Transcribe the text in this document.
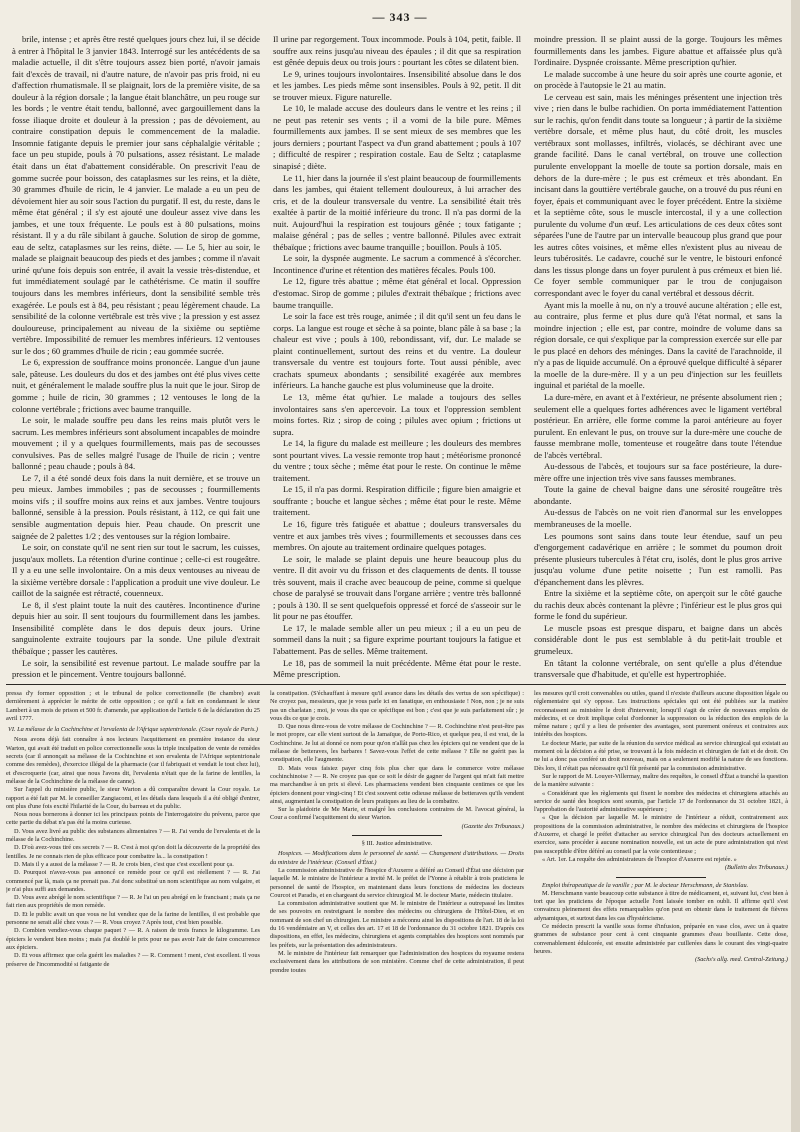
— 343 —

brile, intense ; et après être resté quelques jours chez lui, il se décide à entrer à l'hôpital le 3 janvier 1843. Interrogé sur les antécédents de sa maladie actuelle, il dit s'être toujours assez bien porté, n'avoir jamais fait d'excès de travail, ni d'autre nature, de n'avoir pas pris froid, ni eu d'affection rhumatismale. Il se plaignait, lors de la première visite, de sa douleur à la région dorsale ; la langue était blanchâtre, un peu rouge sur les bords ; le ventre était tendu, ballonné, avec gargouillement dans la fosse iliaque droite et douleur à la pression ; pas de dévoiement, au contraire constipation depuis le commencement de la maladie. Insomnie fatigante depuis le premier jour sans céphalalgie véritable ; face un peu stupide, pouls à 70 pulsations, assez résistant. Le malade était dans un état d'abattement considérable. On prescrivit l'eau de gomme sucrée pour boisson, des cataplasmes sur les reins, et la diète, 30 grammes d'huile de ricin, le 4 janvier. Le malade a eu un peu de dévoiement hier au soir sous l'action du purgatif. Il est, du reste, dans le même état général ; il s'y est ajouté une douleur assez vive dans les jambes, et une toux fréquente. Le pouls est à 80 pulsations, moins résistant. Il y a du râle sibilant à gauche. Solution de sirop de gomme, eau de seltz, cataplasmes sur les reins, diète. — Le 5, hier au soir, le malade se plaignait beaucoup des pieds et des jambes ; comme il n'avait uriné qu'une fois depuis son entrée, il avait la vessie très-distendue, et fut immédiatement soulagé par le cathétérisme. Ce matin il souffre toujours dans les membres inférieurs, dont la sensibilité semble très exagérée. Le pouls est à 84, peu résistant ; peau légèrement chaude. La sensibilité de la colonne vertébrale est très vive ; la pression y est assez douloureuse, principalement au niveau de la sixième ou septième vertèbre. Impossibilité de remuer les membres inférieurs. 12 ventouses sur le dos ; 60 grammes d'huile de ricin ; eau gommée sucrée.

Le 6, expression de souffrance moins prononcée. Langue d'un jaune sale, pâteuse. Les douleurs du dos et des jambes ont été plus vives cette nuit, et généralement le malade souffre plus la nuit que le jour. Sirop de gomme ; huile de ricin, 30 grammes ; 12 ventouses le long de la colonne vertébrale ; frictions avec baume tranquille.

Le soir, le malade souffre peu dans les reins mais plutôt vers le sacrum. Les membres inférieurs sont absolument incapables de moindre mouvement ; il y a quelques fourmillements, mais pas de secousses convulsives. Pas de selles malgré l'usage de l'huile de ricin ; ventre ballonné ; peau chaude ; pouls à 84.

Le 7, il a été sondé deux fois dans la nuit dernière, et se trouve un peu mieux. Jambes immobiles ; pas de secousses ; fourmillements moins vifs ; il souffre moins aux reins et aux jambes. Ventre toujours ballonné, sensible à la pression. Pouls résistant, à 112, ce qui fait une sensible augmentation depuis hier. Peau chaude. On prescrit une saignée de 2 palettes 1/2 ; des ventouses sur la région lombaire.

Le soir, on constate qu'il ne sent rien sur tout le sacrum, les cuisses, jusqu'aux mollets. La rétention d'urine continue ; celle-ci est rougeâtre. Il y a eu une selle involontaire. On a mis deux ventouses au niveau de la sixième vertèbre dorsale : l'application a produit une vive douleur. Le caillot de la saignée est rétracté, couenneux.

Le 8, il s'est plaint toute la nuit des cautères. Incontinence d'urine depuis hier au soir. Il sent toujours du fourmillement dans les jambes. Insensibilité complète dans le dos depuis deux jours. Urine sanguinolente extraite toujours par la sonde. Une pilule d'extrait thébaïque ; passer les cautères.

Le soir, la sensibilité est revenue partout. Le malade souffre par la pression et le pincement. Ventre toujours ballonné.

Il urine par regorgement. Toux incommode. Pouls à 104, petit, faible. Il souffre aux reins jusqu'au niveau des épaules ; il dit que sa respiration est gênée depuis deux ou trois jours : pourtant les côtes se dilatent bien.

Le 9, urines toujours involontaires. Insensibilité absolue dans le dos et les jambes. Les pieds même sont insensibles. Pouls à 92, petit. Il dit se trouver mieux. Figure naturelle.

Le 10, le malade accuse des douleurs dans le ventre et les reins ; il ne peut pas retenir ses vents ; il a vomi de la bile pure. Mêmes fourmillements aux jambes. Il se sent mieux de ses membres que les jours derniers ; pourtant l'aspect va d'un grand abattement ; pouls à 107 ; difficulté de respirer ; respiration costale. Eau de Seltz ; cataplasme sinapisé ; diète.

Le 11, hier dans la journée il s'est plaint beaucoup de fourmillements dans les jambes, qui étaient tellement douloureux, à lui arracher des cris, et de la douleur transversale du ventre. La sensibilité était très exaltée à partir de la moitié inférieure du tronc. Il n'a pas dormi de la nuit. Aujourd'hui la respiration est toujours gênée ; toux fatigante ; malaise général ; pas de selles ; ventre ballonné. Pilules avec extrait thébaïque ; frictions avec baume tranquille ; bouillon. Pouls à 105.

Le soir, la dyspnée augmente. Le sacrum a commencé à s'écorcher. Incontinence d'urine et rétention des matières fécales. Pouls 100.

Le 12, figure très abattue ; même état général et local. Oppression d'estomac. Sirop de gomme ; pilules d'extrait thébaïque ; frictions avec baume tranquille.

Le soir la face est très rouge, animée ; il dit qu'il sent un feu dans le corps. La langue est rouge et sèche à sa pointe, blanc pâle à sa base ; la chaleur est vive ; pouls à 100, rebondissant, vif, dur. Le malade se plaint continuellement, surtout des reins et du ventre. La douleur transversale du ventre est toujours forte. Tout aussi pénible, avec crachats spumeux abondants ; sensibilité exagérée aux membres inférieurs. La hanche gauche est plus volumineuse que la droite.

Le 13, même état qu'hier. Le malade a toujours des selles involontaires sans s'en apercevoir. La toux et l'oppression semblent moins fortes. Riz ; sirop de coing ; pilules avec opium ; frictions ut supra.

Le 14, la figure du malade est meilleure ; les douleurs des membres sont pourtant vives. La vessie remonte trop haut ; météorisme prononcé du ventre ; toux sèche ; même état pour le reste. On continue le même traitement.

Le 15, il n'a pas dormi. Respiration difficile ; figure bien amaigrie et souffrante ; bouche et langue sèches ; même état pour le reste. Même traitement.

Le 16, figure très fatiguée et abattue ; douleurs transversales du ventre et aux jambes très vives ; fourmillements et secousses dans ces membres. On ajoute au traitement ordinaire quelques potages.

Le soir, le malade se plaint depuis une heure beaucoup plus du ventre. Il dit avoir vu du frisson et des claquements de dents. Il tousse très souvent, mais il crache avec beaucoup de peine, comme si quelque chose de paralysé se trouvait dans l'organe arrière ; ventre très ballonné ; pouls à 130. Il se sent quelquefois oppressé et forcé de s'asseoir sur le lit pour ne pas étouffer.

Le 17, le malade semble aller un peu mieux ; il a eu un peu de sommeil dans la nuit ; sa figure exprime pourtant toujours la fatigue et l'abattement. Pas de selles. Même traitement.

Le 18, pas de sommeil la nuit précédente. Même état pour le reste. Même prescription.

moindre pression. Il se plaint aussi de la gorge. Toujours les mêmes fourmillements dans les jambes. Figure abattue et affaissée plus qu'à l'ordinaire. Dyspnée croissante. Même prescription qu'hier.

Le malade succombe à une heure du soir après une courte agonie, et on procède à l'autopsie le 21 au matin.

Le cerveau est sain, mais les méninges présentent une injection très vive ; rien dans le bulbe rachidien. On porta immédiatement l'attention sur le rachis, qu'on fendit dans toute sa longueur ; à partir de la sixième vertèbre dorsale, et même plus haut, du côté droit, les muscles vertébraux sont mollasses, infiltrés, violacés, se déchirant avec une grande facilité. Dans le canal vertébral, on trouve une collection purulente enveloppant la moelle de toute sa portion dorsale, mais en dehors de la dure-mère ; le pus est crémeux et très abondant. En incisant dans la gouttière vertébrale gauche, on a trouvé du pus réuni en foyer, épais et communiquant avec le foyer précédent. Entre la sixième et la septième côte, sous le muscle intercostal, il y a une collection purulente du volume d'un œuf. Les articulations de ces deux côtes sont séparées l'une de l'autre par un intervalle beaucoup plus grand que pour les autres côtes voisines, et même elles n'existent plus au niveau de leurs tubérosités. Le cadavre, couché sur le ventre, le bistouri enfoncé dans les tissus plonge dans un foyer purulent à pus crémeux et bien lié. Ce foyer semble communiquer par le trou de conjugaison correspondant avec le foyer du canal vertébral et dessous décrit.

Ayant mis la moelle à nu, on n'y a trouvé aucune altération ; elle est, au contraire, plus ferme et plus dure qu'à l'état normal, et sans la moindre injection ; elle est, par contre, moindre de volume dans sa région dorsale, ce qui s'explique par la compression exercée sur elle par le pus placé en dehors des méninges. Dans la cavité de l'arachnoïde, il n'y a pas de liquide accumulé. On a éprouvé quelque difficulté à séparer la moelle de la dure-mère. Il y a un peu d'injection sur les feuillets inguinal et pariétal de la moelle.

La dure-mère, en avant et à l'extérieur, ne présente absolument rien ; seulement elle a quelques fortes adhérences avec le ligament vertébral postérieur. En arrière, elle forme comme la paroi antérieure au foyer purulent. En enlevant le pus, on trouve sur la dure-mère une couche de fausse membrane molle, tomenteuse et rougeâtre dans toute l'étendue de l'abcès vertébral.

Au-dessous de l'abcès, et toujours sur sa face postérieure, la dure-mère offre une injection très vive sans fausses membranes.

Toute la gaine de cheval baigne dans une sérosité rougeâtre très abondante.

Au-dessus de l'abcès on ne voit rien d'anormal sur les enveloppes membraneuses de la moelle.

Les poumons sont sains dans toute leur étendue, sauf un peu d'engorgement cadavérique en arrière ; le sommet du poumon droit présente plusieurs tubercules à l'état cru, isolés, dont le plus gros arrive jusqu'au volume d'une petite noisette ; l'un est ramolli. Pas d'épanchement dans les plèvres.

Entre la sixième et la septième côte, on aperçoit sur le côté gauche du rachis deux abcès contenant la plèvre ; l'inférieur est le plus gros qui forme le fond du supérieur.

Le muscle psoas est presque disparu, et baigne dans un abcès considérable dont le pus est semblable à du petit-lait trouble et grumeleux.

En tâtant la colonne vertébrale, on sent qu'elle a plus d'étendue transversale que d'habitude, et qu'elle est hypertrophiée.

pressa d'y former opposition ; et le tribunal de police correctionnelle (8e chambre) avait dernièrement à apprécier le mérite de cette opposition ; ce qu'il a fait en condamnant le sieur Lambert à un mois de prison et 500 fr. d'amende, par application de l'article 6 de la déclaration du 25 avril 1777.

VI. La mélasse de la Cochinchine et l'ervalenta de l'Afrique septentrionale. (Cour royale de Paris.)

Nous avons déjà fait connaître à nos lecteurs l'acquittement en première instance du sieur Warton, qui avait été traduit en police correctionnelle sous la triple inculpation de vente de remèdes secrets (car il annonçait sa mélasse de la Cochinchine et son ervalenta de l'Afrique septentrionale comme des remèdes), d'exercice illégal de la pharmacie (car il fabriquait et vendait le tout chez lui), et d'escroquerie (car, ainsi que nous l'avons dit, l'ervalenta n'était que de la farine de lentilles, la mélasse de la Cochinchine de la mélasse de canne).

Sur l'appel du ministère public, le sieur Warton a dû comparaître devant la Cour royale. Le rapport a été fait par M. le conseiller Zangiacomi, et les détails dans lesquels il a été obligé d'entrer, ont plus d'une fois excité l'hilarité de la Cour, du barreau et du public.

Nous nous bornerons à donner ici les principaux points de l'interrogatoire du prévenu, parce que cette partie du débat n'a pas été la moins curieuse.

D. Vous avez livré au public des substances alimentaires ? — R. J'ai vendu de l'ervalenta et de la mélasse de la Cochinchine.

D. D'où avez-vous tiré ces secrets ? — R. C'est à moi qu'on doit la découverte de la propriété des lentilles. Je ne connais rien de plus efficace pour combattre la... la constipation !

D. Mais il y a aussi de la mélasse ? — R. Je crois bien, c'est que c'est excellent pour ça.

D. Pourquoi n'avez-vous pas annoncé ce remède pour ce qu'il est réellement ? — R. J'ai commencé par là, mais ça ne prenait pas. J'ai donc substitué un nom scientifique au nom vulgaire, et je n'ai plus suffi aux demandes.

D. Vous avez abrégé le nom scientifique ? — R. Je l'ai un peu abrégé en le francisant ; mais ça ne fait rien aux propriétés de mon remède.

D. Et le public avait un que vous ne lui vendiez que de la farine de lentilles, il est probable que personne ne serait allé chez vous ? — R. Vous croyez ? Après tout, c'est bien possible.

D. Combien vendiez-vous chaque paquet ? — R. A raison de trois francs le kilogramme. Les épiciers le vendent bien moins ; mais j'ai doublé le prix pour ne pas avoir l'air de faire concurrence aux épiciers.

D. Et vous affirmez que cela guérit les maladies ? — R. Comment ! ment, c'est excellent. Il vous préserve de l'incommodité si fatigante de

la constipation. (S'échauffant à mesure qu'il avance dans les détails des vertus de son spécifique) : Ne croyez pas, messieurs, que je vous parle ici en fanatique, en enthousiaste ! Non, non ; je ne suis pas un charlatan ; moi, je vous dis que ce spécifique est bon ; c'est que je suis parfaitement sûr ; je vous dis ce que je crois.

D. Que nous direz-vous de votre mélasse de Cochinchine ? — R. Cochinchine n'est peut-être pas le mot propre, car elle vient surtout de la Jamaïque, de Porto-Rico, et quelque peu, il est vrai, de la Cochinchine. Je lui ai donné ce nom pour qu'on n'allât pas chez les épiciers qui ne vendent que de la mélasse de betteraves, les barbares ! Savez-vous l'effet de cette mélasse ? Elle ne guérit pas la constipation, elle l'augmente.

D. Mais vous faisiez payer cinq fois plus cher que dans le commerce votre mélasse cochinchinoise ? — R. Ne croyez pas que ce soit le désir de gagner de l'argent qui m'ait fait mettre ma marchandise à un prix si élevé. Les pharmaciens vendent bien cinquante centimes ce que les épiciers donnent pour vingt-cinq ! Et c'est souvent cette odieuse mélasse de betteraves qu'ils vendent ainsi, augmentant la constipation de leurs pratiques au lieu de la combattre.

Sur la plaidoirie de Me Marie, et malgré les conclusions contraires de M. l'avocat général, la Cour a confirmé l'acquittement du sieur Warton.

(Gazette des Tribunaux.)

§ III. Justice administrative.

Hospices. — Modifications dans le personnel de santé. — Changement d'attributions. — Droits du ministre de l'intérieur. (Conseil d'État.)

La commission administrative de l'hospice d'Auxerre a déféré au Conseil d'État une décision par laquelle M. le ministre de l'intérieur a invité M. le préfet de l'Yonne à rétablir à trois praticiens le personnel de santé de l'hospice, en maintenant dans leurs fonctions de médecins les docteurs Courcot et Paradis, et en chargeant du service chirurgical M. le docteur Marie, médecin titulaire.

La commission administrative soutient que M. le ministre de l'intérieur a outrepassé les limites de ses pouvoirs en restreignant le nombre des médecins ou chirurgiens de l'Hôtel-Dieu, et en nommant de son chef un chirurgien. Le ministre a méconnu ainsi les dispositions de l'art. 18 de la loi du 16 vendémiaire an V, et celles des art. 17 et 18 de l'ordonnance du 31 octobre 1821. D'après ces dispositions, en effet, les médecins, chirurgiens et agents comptables des hospices sont nommés par les préfets, sur la présentation des administrateurs.

M. le ministre de l'intérieur fait remarquer que l'administration des hospices du royaume restera exclusivement dans les attributions de son ministère. Comme chef de cette administration, il peut prendre toutes

les mesures qu'il croit convenables ou utiles, quand il n'existe d'ailleurs aucune disposition légale ou réglementaire qui s'y oppose. Les instructions spéciales qui ont été publiées sur la matière reconnaissent au ministère le droit d'intervenir, lorsqu'il s'agit de créer de nouveaux emplois de médecins, et ce droit implique celui d'ordonner la suppression ou la réduction des emplois de la même nature ; qu'il y a lieu de présenter des avantages, sont purement onéreux et contraires aux intérêts des hospices.

Le docteur Marie, par suite de la réunion du service médical au service chirurgical qui existait au moment où la décision a été prise, se trouvant à la fois médecin et chirurgien de fait et de droit. On ne lui a donc pas conféré un droit nouveau, mais on a seulement modifié la nature de ses fonctions. Dès lors, il n'était pas nécessaire qu'il fût présenté par la commission administrative.

Sur le rapport de M. Louyer-Villermay, maître des requêtes, le conseil d'État a tranché la question de la manière suivante :

« Considérant que les règlements qui fixent le nombre des médecins et chirurgiens attachés au service de santé des hospices sont soumis, par l'article 17 de l'ordonnance du 31 octobre 1821, à l'approbation de l'autorité administrative supérieure ;

« Que la décision par laquelle M. le ministre de l'intérieur a réduit, contrairement aux propositions de la commission administrative, le nombre des médecins et chirurgiens de l'hospice d'Auxerre, et chargé le préfet d'attacher au service chirurgical l'un des docteurs actuellement en exercice, sans procéder à aucune nomination nouvelle, est un acte de pure administration qui n'est pas susceptible d'être déféré au conseil par la voie contentieuse ;

« Art. 1er. La requête des administrateurs de l'hospice d'Auxerre est rejetée. »

(Bulletin des Tribunaux.)

Emploi thérapeutique de la vanille ; par M. le docteur Herschmann, de Stanislau.

M. Herschmann vante beaucoup cette substance à titre de médicament, et, suivant lui, c'est bien à tort que les praticiens de l'époque actuelle l'ont laissée tomber en oubli. Il affirme qu'il s'est convaincu pleinement des effets remarquables qu'on peut en obtenir dans le traitement de fièvres adynamiques, et surtout dans les cas d'hystéricisme.

Ce médecin prescrit la vanille sous forme d'infusion, préparée en vase clos, avec un à quatre grammes de substance pour cent à cent cinquante grammes d'eau bouillante. Cette dose, convenablement édulcorée, est ensuite administrée par cuillerées dans le courant des vingt-quatre heures.

(Sachs's allg. med. Central-Zeitung.)
